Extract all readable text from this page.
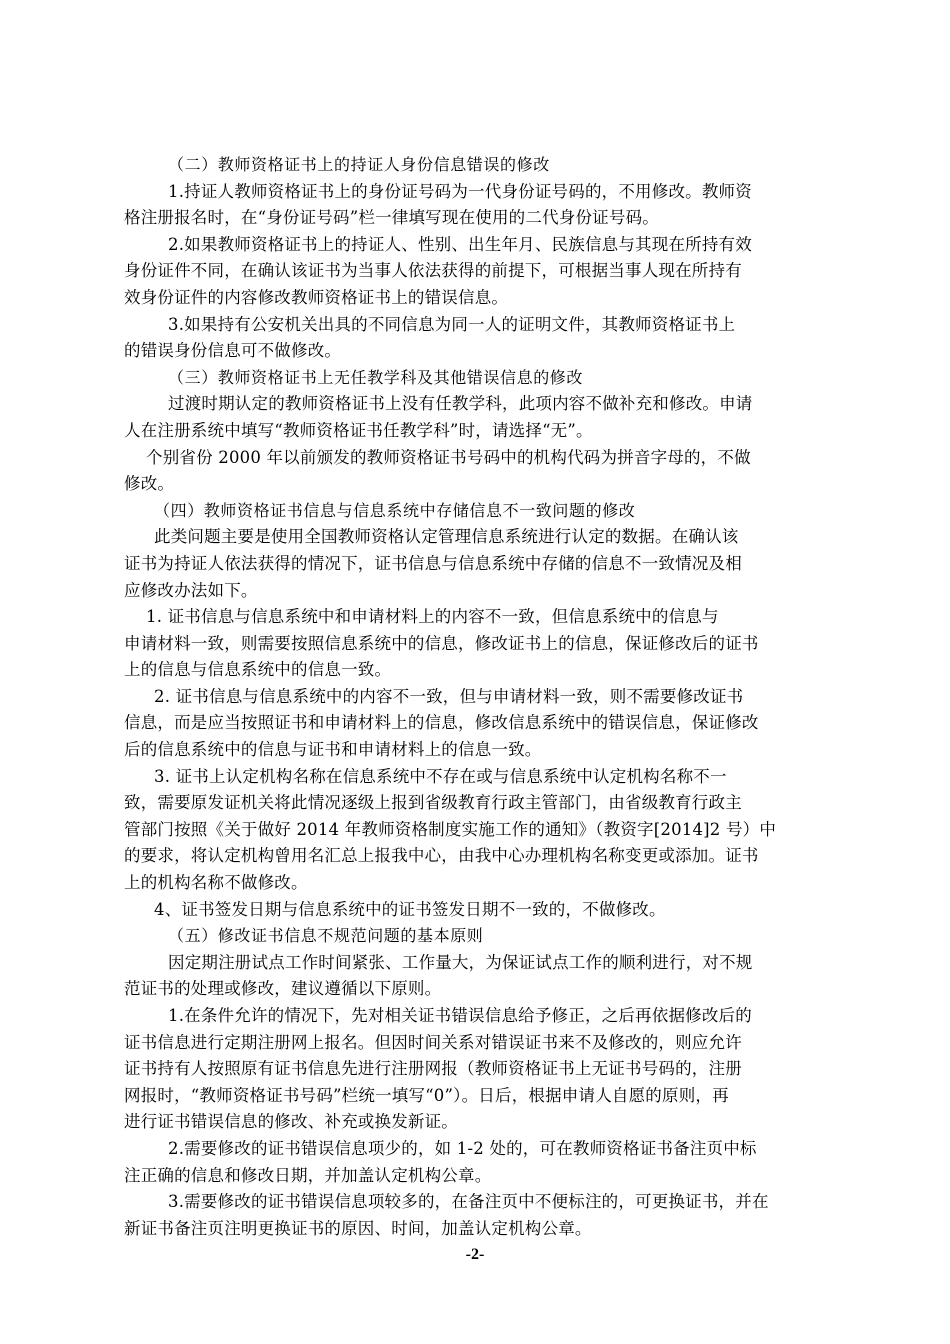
（二）教师资格证书上的持证人身份信息错误的修改
1.持证人教师资格证书上的身份证号码为一代身份证号码的，不用修改。教师资
格注册报名时，在“身份证号码”栏一律填写现在使用的二代身份证号码。
2.如果教师资格证书上的持证人、性别、出生年月、民族信息与其现在所持有效
身份证件不同，在确认该证书为当事人依法获得的前提下，可根据当事人现在所持有
效身份证件的内容修改教师资格证书上的错误信息。
3.如果持有公安机关出具的不同信息为同一人的证明文件，其教师资格证书上
的错误身份信息可不做修改。
（三）教师资格证书上无任教学科及其他错误信息的修改
过渡时期认定的教师资格证书上没有任教学科，此项内容不做补充和修改。申请
人在注册系统中填写“教师资格证书任教学科”时，请选择“无”。
个别省份 2000 年以前颁发的教师资格证书号码中的机构代码为拼音字母的，不做
修改。
（四）教师资格证书信息与信息系统中存储信息不一致问题的修改
此类问题主要是使用全国教师资格认定管理信息系统进行认定的数据。在确认该
证书为持证人依法获得的情况下，证书信息与信息系统中存储的信息不一致情况及相
应修改办法如下。
1. 证书信息与信息系统中和申请材料上的内容不一致，但信息系统中的信息与
申请材料一致，则需要按照信息系统中的信息，修改证书上的信息，保证修改后的证书
上的信息与信息系统中的信息一致。
2. 证书信息与信息系统中的内容不一致，但与申请材料一致，则不需要修改证书
信息，而是应当按照证书和申请材料上的信息，修改信息系统中的错误信息，保证修改
后的信息系统中的信息与证书和申请材料上的信息一致。
3. 证书上认定机构名称在信息系统中不存在或与信息系统中认定机构名称不一
致，需要原发证机关将此情况逐级上报到省级教育行政主管部门，由省级教育行政主
管部门按照《关于做好 2014 年教师资格制度实施工作的通知》（教资字[2014]2 号）中
的要求，将认定机构曾用名汇总上报我中心，由我中心办理机构名称变更或添加。证书
上的机构名称不做修改。
4、证书签发日期与信息系统中的证书签发日期不一致的，不做修改。
（五）修改证书信息不规范问题的基本原则
因定期注册试点工作时间紧张、工作量大，为保证试点工作的顺利进行，对不规
范证书的处理或修改，建议遵循以下原则。
1.在条件允许的情况下，先对相关证书错误信息给予修正，之后再依据修改后的
证书信息进行定期注册网上报名。但因时间关系对错误证书来不及修改的，则应允许
证书持有人按照原有证书信息先进行注册网报（教师资格证书上无证书号码的，注册
网报时，“教师资格证书号码”栏统一填写“0”）。日后，根据申请人自愿的原则，再
进行证书错误信息的修改、补充或换发新证。
2.需要修改的证书错误信息项少的，如 1-2 处的，可在教师资格证书备注页中标
注正确的信息和修改日期，并加盖认定机构公章。
3.需要修改的证书错误信息项较多的，在备注页中不便标注的，可更换证书，并在
新证书备注页注明更换证书的原因、时间，加盖认定机构公章。
-2-
